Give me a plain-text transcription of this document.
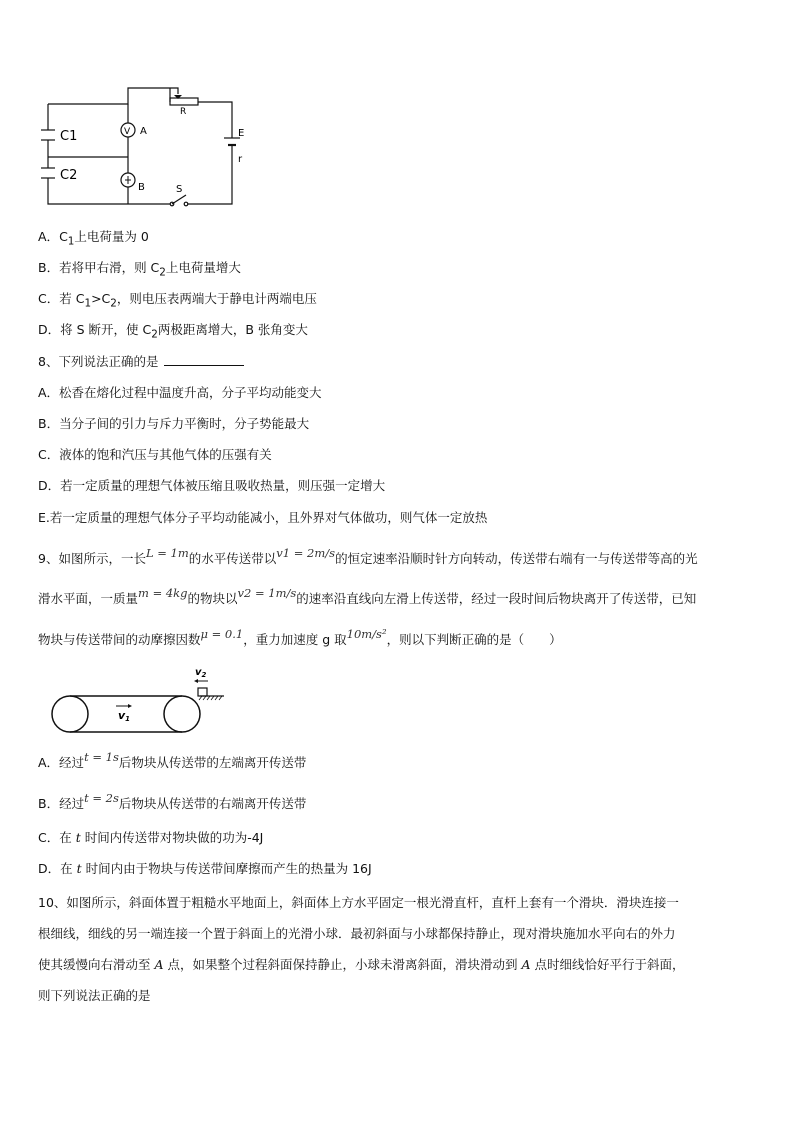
V
C1
C2
A
B
R
E
r
S
A．$C_1$上电荷量为 0
B．若将甲右滑，则 $C_2$上电荷量增大
C．若 $C_1>C_2$，则电压表两端大于静电计两端电压
D．将 S 断开，使 $C_2$两极距离增大，B 张角变大
8、下列说法正确的是
A．松香在熔化过程中温度升高，分子平均动能变大
B．当分子间的引力与斥力平衡时，分子势能最大
C．液体的饱和汽压与其他气体的压强有关
D．若一定质量的理想气体被压缩且吸收热量，则压强一定增大
E.若一定质量的理想气体分子平均动能减小，且外界对气体做功，则气体一定放热
9、如图所示，一长L = 1m的水平传送带以v1 = 2m/s的恒定速率沿顺时针方向转动，传送带右端有一与传送带等高的光
滑水平面，一质量m = 4kg的物块以v2 = 1m/s的速率沿直线向左滑上传送带，经过一段时间后物块离开了传送带，已知
物块与传送带间的动摩擦因数μ = 0.1，重力加速度 g 取10m/s²，则以下判断正确的是（　　）
$v_2$
v1
A．经过t = 1s后物块从传送带的左端离开传送带
B．经过t = 2s后物块从传送带的右端离开传送带
C．在 t 时间内传送带对物块做的功为-4J
D．在 t 时间内由于物块与传送带间摩擦而产生的热量为 16J
10、如图所示，斜面体置于粗糙水平地面上，斜面体上方水平固定一根光滑直杆，直杆上套有一个滑块．滑块连接一
根细线，细线的另一端连接一个置于斜面上的光滑小球．最初斜面与小球都保持静止，现对滑块施加水平向右的外力
使其缓慢向右滑动至 A 点，如果整个过程斜面保持静止，小球未滑离斜面，滑块滑动到 A 点时细线恰好平行于斜面，
则下列说法正确的是
